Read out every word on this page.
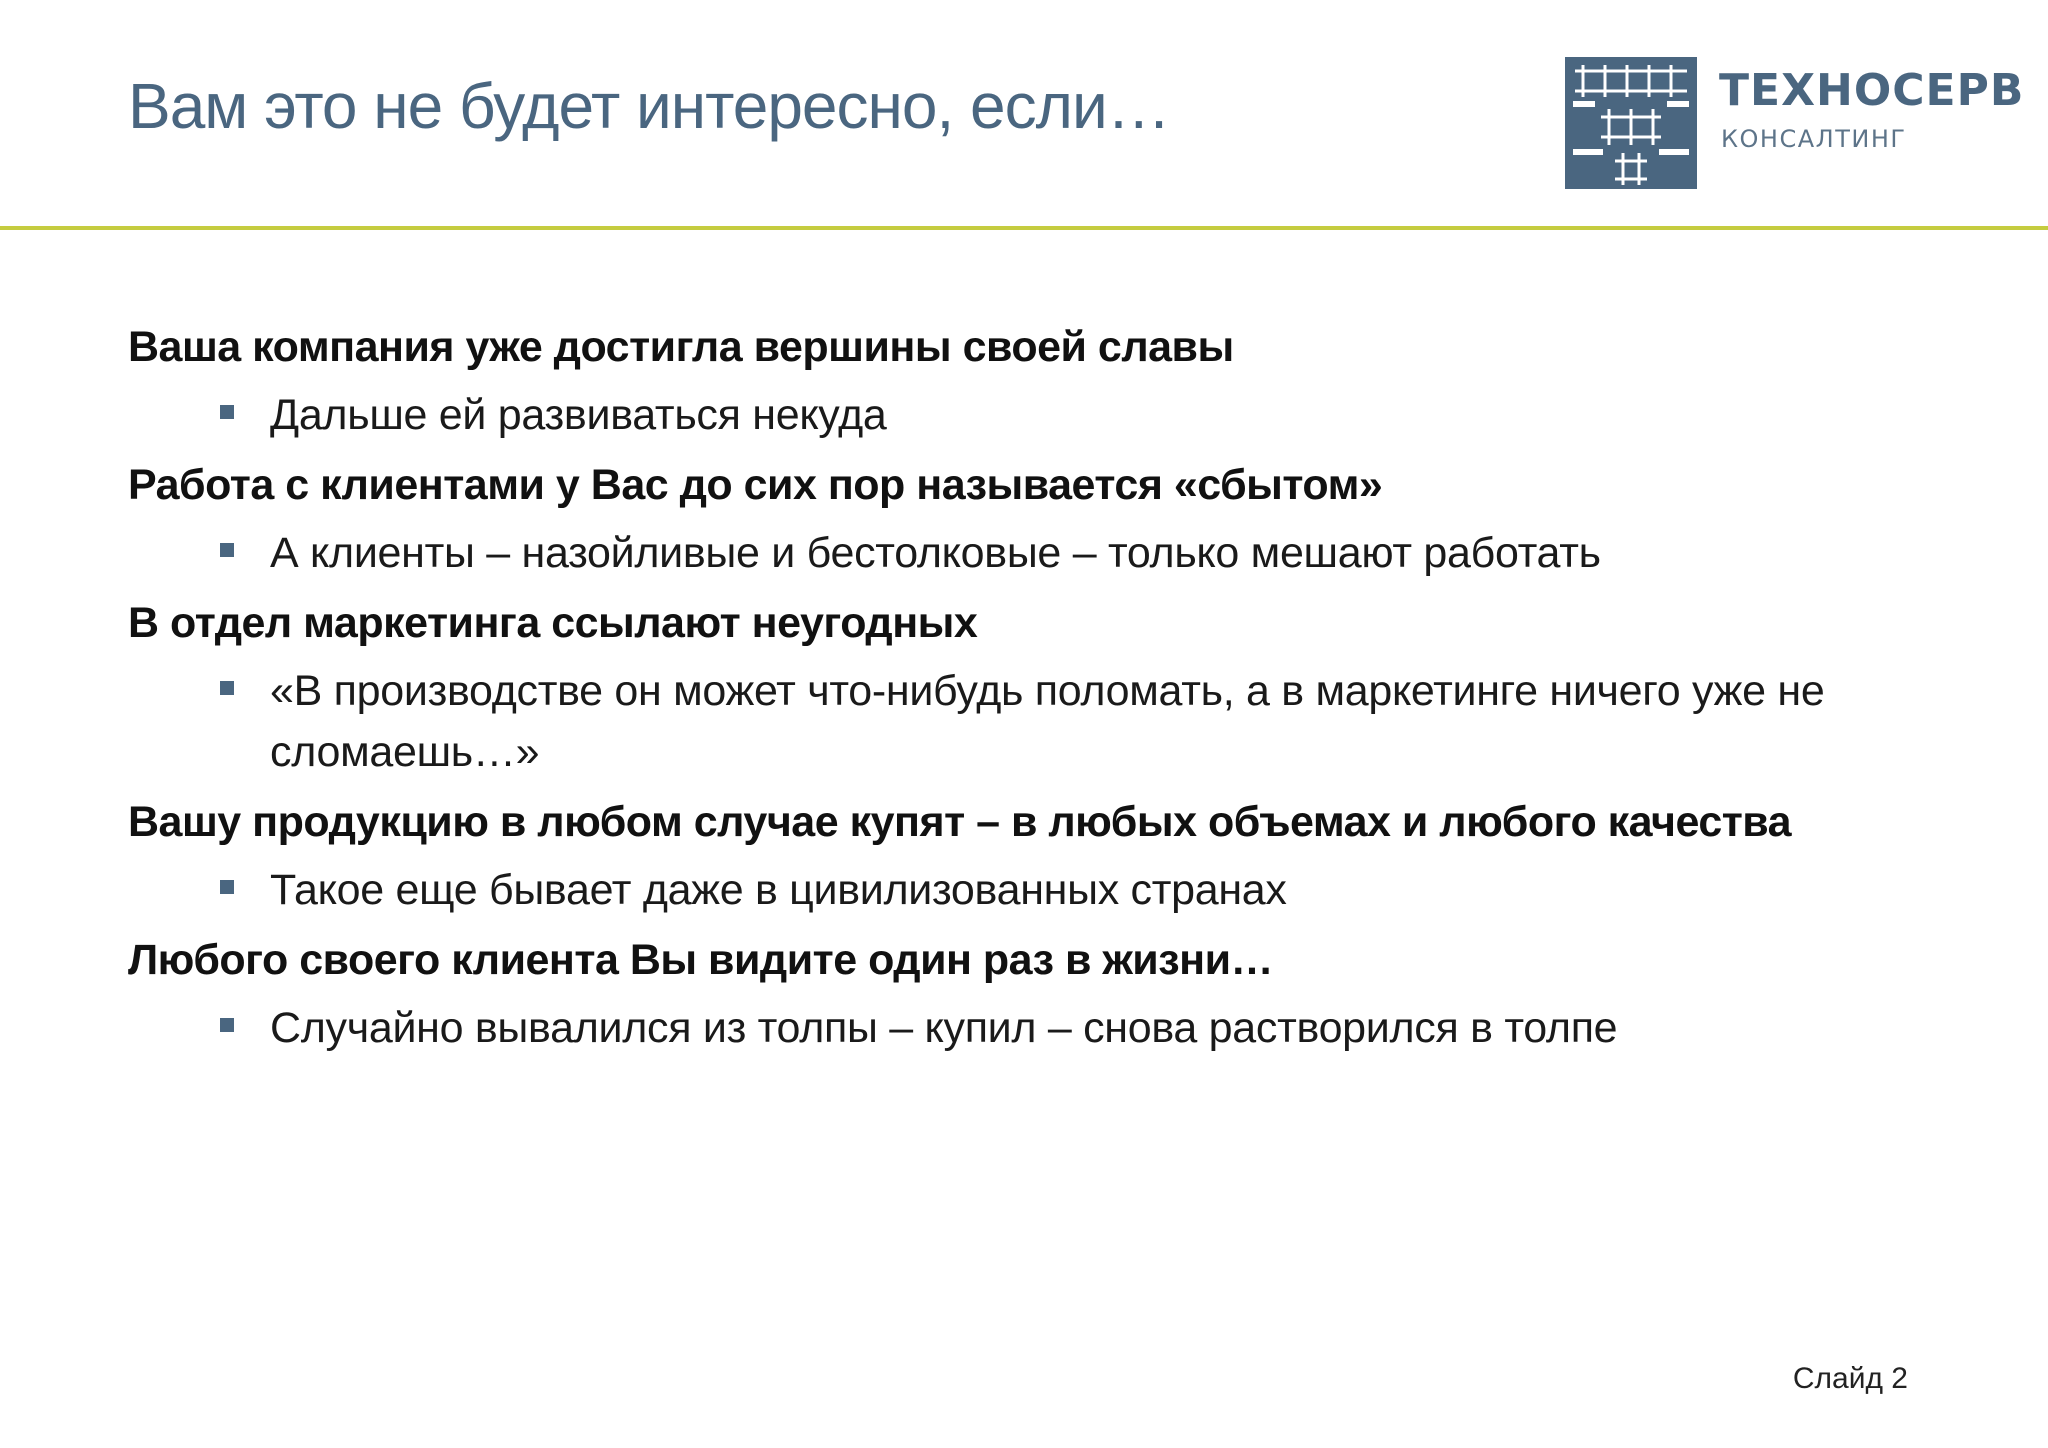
Вам это не будет интересно, если…	ТЕХНОСЕРВ
КОНСАЛТИНГ
Ваша компания уже достигла вершины своей славы
Дальше ей развиваться некуда
Работа с клиентами у Вас до сих пор называется «сбытом»
А клиенты – назойливые и бестолковые – только мешают работать
В отдел маркетинга ссылают неугодных
«В производстве он может что-нибудь поломать, а в маркетинге ничего уже не сломаешь…»
Вашу продукцию в любом случае купят – в любых объемах и любого качества
Такое еще бывает даже в цивилизованных странах
Любого своего клиента Вы видите один раз в жизни…
Случайно вывалился из толпы – купил – снова растворился в толпе
Слайд 2
